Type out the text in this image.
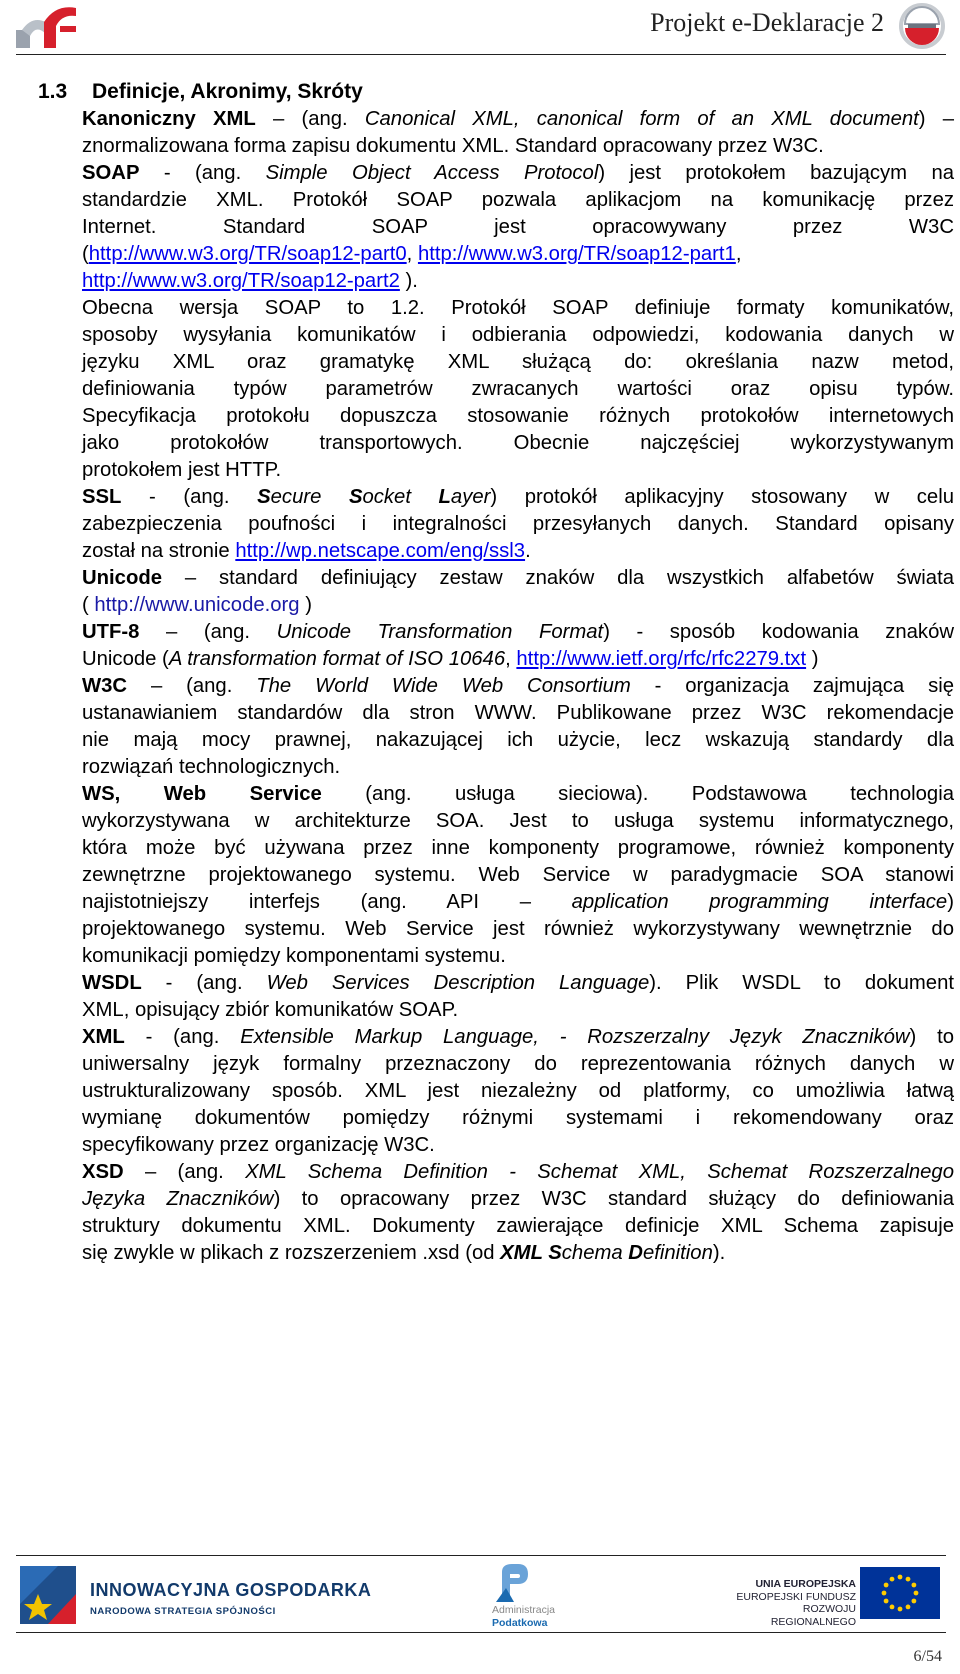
Projekt e-Deklaracje 2
1.3 Definicje, Akronimy, Skróty
Kanoniczny XML – (ang. Canonical XML, canonical form of an XML document) –
znormalizowana forma zapisu dokumentu XML. Standard opracowany przez W3C.
SOAP - (ang. Simple Object Access Protocol) jest protokołem bazującym na
standardzie XML. Protokół SOAP pozwala aplikacjom na komunikację przez
Internet. Standard SOAP jest opracowywany przez W3C
(http://www.w3.org/TR/soap12-part0, http://www.w3.org/TR/soap12-part1,
http://www.w3.org/TR/soap12-part2 ).
Obecna wersja SOAP to 1.2. Protokół SOAP definiuje formaty komunikatów,
sposoby wysyłania komunikatów i odbierania odpowiedzi, kodowania danych w
języku XML oraz gramatykę XML służącą do: określania nazw metod,
definiowania typów parametrów zwracanych wartości oraz opisu typów.
Specyfikacja protokołu dopuszcza stosowanie różnych protokołów internetowych
jako protokołów transportowych. Obecnie najczęściej wykorzystywanym
protokołem jest HTTP.
SSL - (ang. Secure Socket Layer) protokół aplikacyjny stosowany w celu
zabezpieczenia poufności i integralności przesyłanych danych. Standard opisany
został na stronie http://wp.netscape.com/eng/ssl3.
Unicode – standard definiujący zestaw znaków dla wszystkich alfabetów świata
( http://www.unicode.org )
UTF-8 – (ang. Unicode Transformation Format) - sposób kodowania znaków
Unicode (A transformation format of ISO 10646, http://www.ietf.org/rfc/rfc2279.txt )
W3C – (ang. The World Wide Web Consortium - organizacja zajmująca się
ustanawianiem standardów dla stron WWW. Publikowane przez W3C rekomendacje
nie mają mocy prawnej, nakazującej ich użycie, lecz wskazują standardy dla
rozwiązań technologicznych.
WS, Web Service (ang. usługa sieciowa). Podstawowa technologia
wykorzystywana w architekturze SOA. Jest to usługa systemu informatycznego,
która może być używana przez inne komponenty programowe, również komponenty
zewnętrzne projektowanego systemu. Web Service w paradygmacie SOA stanowi
najistotniejszy interfejs (ang. API – application programming interface)
projektowanego systemu. Web Service jest również wykorzystywany wewnętrznie do
komunikacji pomiędzy komponentami systemu.
WSDL - (ang. Web Services Description Language). Plik WSDL to dokument
XML, opisujący zbiór komunikatów SOAP.
XML - (ang. Extensible Markup Language, - Rozszerzalny Język Znaczników) to
uniwersalny język formalny przeznaczony do reprezentowania różnych danych w
ustrukturalizowany sposób. XML jest niezależny od platformy, co umożliwia łatwą
wymianę dokumentów pomiędzy różnymi systemami i rekomendowany oraz
specyfikowany przez organizację W3C.
XSD – (ang. XML Schema Definition - Schemat XML, Schemat Rozszerzalnego
Języka Znaczników) to opracowany przez W3C standard służący do definiowania
struktury dokumentu XML. Dokumenty zawierające definicje XML Schema zapisuje
się zwykle w plikach z rozszerzeniem .xsd (od XML Schema Definition).
INNOWACYJNA GOSPODARKA
NARODOWA STRATEGIA SPÓJNOŚCI	Administracja
Podatkowa
UNIA EUROPEJSKA
EUROPEJSKI FUNDUSZ
ROZWOJU REGIONALNEGO
6/54
